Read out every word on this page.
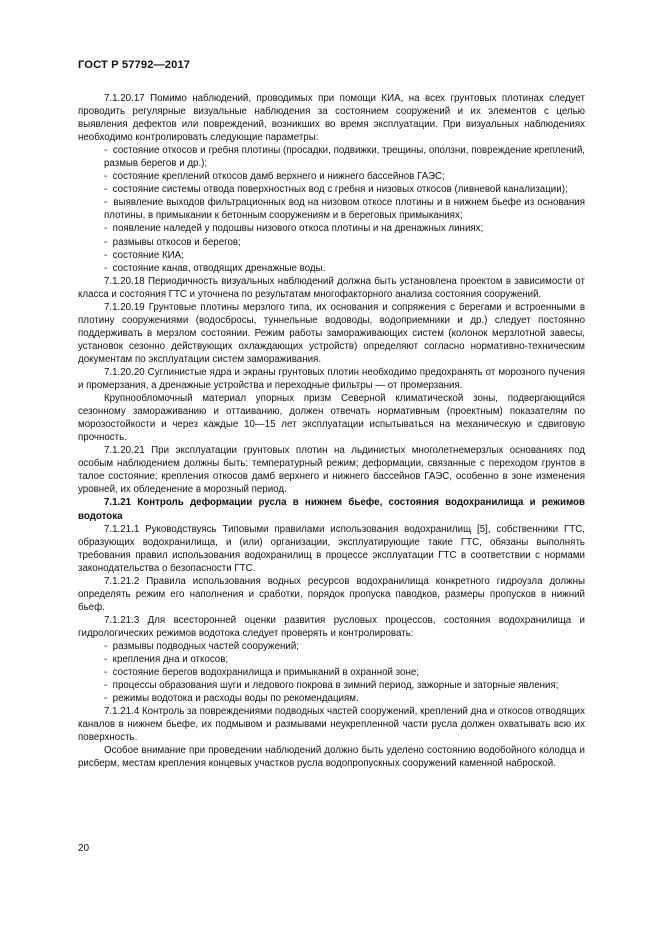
ГОСТ Р 57792—2017

7.1.20.17 Помимо наблюдений, проводимых при помощи КИА, на всех грунтовых плотинах следует проводить регулярные визуальные наблюдения за состоянием сооружений и их элементов с целью выявления дефектов или повреждений, возникших во время эксплуатации. При визуальных наблюдениях необходимо контролировать следующие параметры:

-  состояние откосов и гребня плотины (просадки, подвижки, трещины, оползни, повреждение креплений, размыв берегов и др.);

-  состояние креплений откосов дамб верхнего и нижнего бассейнов ГАЭС;

-  состояние системы отвода поверхностных вод с гребня и низовых откосов (ливневой канализации);

-  выявление выходов фильтрационных вод на низовом откосе плотины и в нижнем бьефе из основания плотины, в примыкании к бетонным сооружениям и в береговых примыканиях;

-  появление наледей у подошвы низового откоса плотины и на дренажных линиях;

-  размывы откосов и берегов;

-  состояние КИА;

-  состояние канав, отводящих дренажные воды.

7.1.20.18 Периодичность визуальных наблюдений должна быть установлена проектом в зависимости от класса и состояния ГТС и уточнена по результатам многофакторного анализа состояния сооружений.

7.1.20.19 Грунтовые плотины мерзлого типа, их основания и сопряжения с берегами и встроенными в плотину сооружениями (водосбросы, туннельные водоводы, водоприемники и др.) следует постоянно поддерживать в мерзлом состоянии. Режим работы замораживающих систем (колонок мерзлотной завесы, установок сезонно действующих охлаждающих устройств) определяют согласно нормативно-техническим документам по эксплуатации систем замораживания.

7.1.20.20 Суглинистые ядра и экраны грунтовых плотин необходимо предохранять от морозного пучения и промерзания, а дренажные устройства и переходные фильтры — от промерзания.

Крупнообломочный материал упорных призм Северной климатической зоны, подвергающийся сезонному замораживанию и оттаиванию, должен отвечать нормативным (проектным) показателям по морозостойкости и через каждые 10—15 лет эксплуатации испытываться на механическую и сдвиговую прочность.

7.1.20.21 При эксплуатации грунтовых плотин на льдинистых многолетнемерзлых основаниях под особым наблюдением должны быть: температурный режим; деформации, связанные с переходом грунтов в талое состояние; крепления откосов дамб верхнего и нижнего бассейнов ГАЭС, особенно в зоне изменения уровней, их обледенение в морозный период.

7.1.21 Контроль деформации русла в нижнем бьефе, состояния водохранилища и режимов водотока

7.1.21.1 Руководствуясь Типовыми правилами использования водохранилищ [5], собственники ГТС, образующих водохранилища, и (или) организации, эксплуатирующие такие ГТС, обязаны выполнять требования правил использования водохранилищ в процессе эксплуатации ГТС в соответствии с нормами законодательства о безопасности ГТС.

7.1.21.2 Правила использования водных ресурсов водохранилища конкретного гидроузла должны определять режим его наполнения и сработки, порядок пропуска паводков, размеры пропусков в нижний бьеф.

7.1.21.3 Для всесторонней оценки развития русловых процессов, состояния водохранилища и гидрологических режимов водотока следует проверять и контролировать:

-  размывы подводных частей сооружений;

-  крепления дна и откосов;

-  состояние берегов водохранилища и примыканий в охранной зоне;

-  процессы образования шуги и ледового покрова в зимний период, зажорные и заторные явления;

-  режимы водотока и расходы воды по рекомендациям.

7.1.21.4 Контроль за повреждениями подводных частей сооружений, креплений дна и откосов отводящих каналов в нижнем бьефе, их подмывом и размывами неукрепленной части русла должен охватывать всю их поверхность.

Особое внимание при проведении наблюдений должно быть уделено состоянию водобойного колодца и рисберм, местам крепления концевых участков русла водопропускных сооружений каменной наброской.

20
